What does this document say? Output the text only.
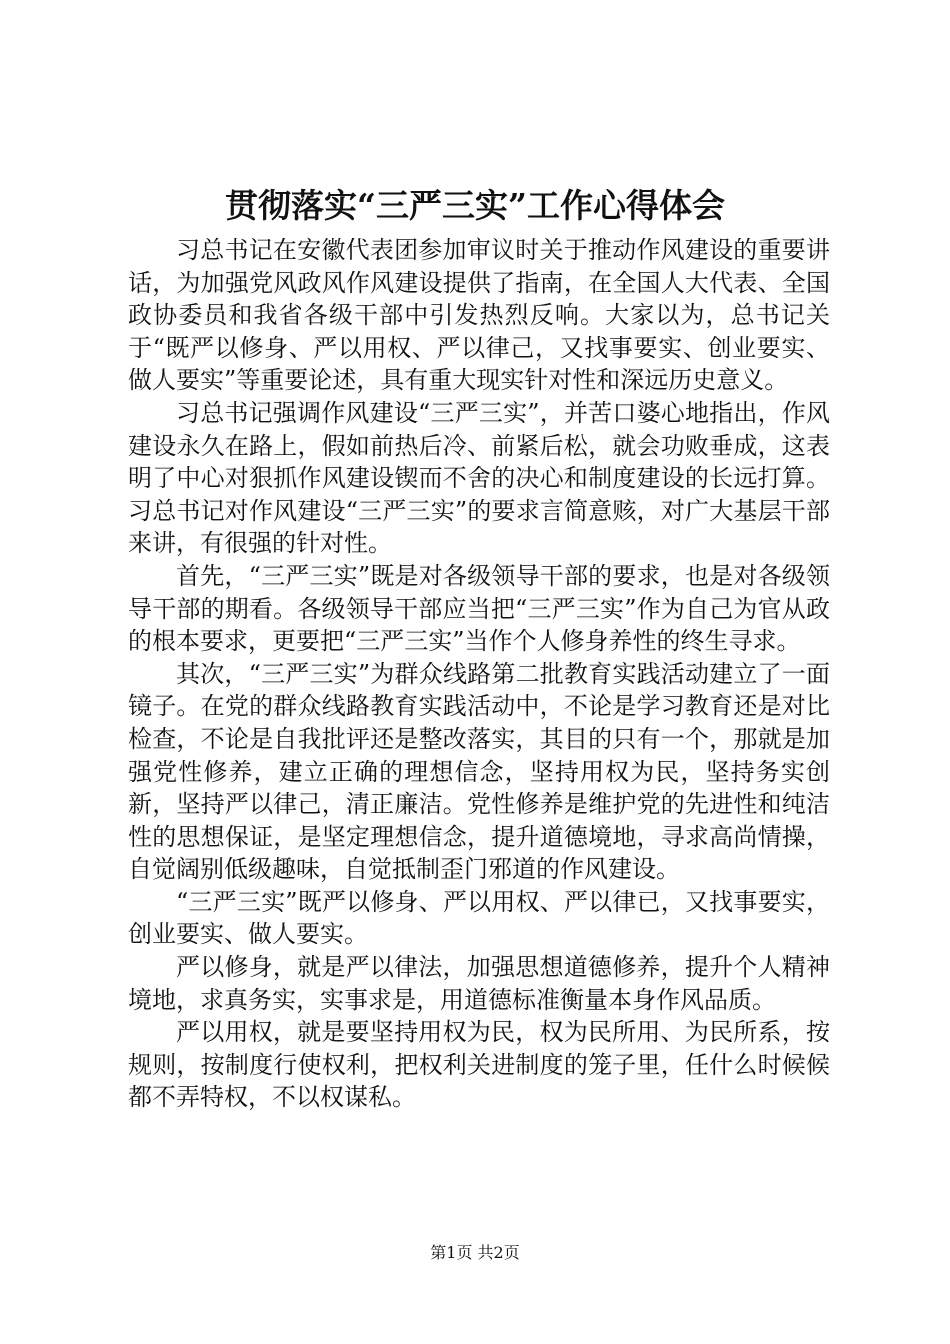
贯彻落实“三严三实”工作心得体会

习总书记在安徽代表团参加审议时关于推动作风建设的重要讲话，为加强党风政风作风建设提供了指南，在全国人大代表、全国政协委员和我省各级干部中引发热烈反响。大家以为，总书记关于“既严以修身、严以用权、严以律己，又找事要实、创业要实、做人要实”等重要论述，具有重大现实针对性和深远历史意义。

习总书记强调作风建设“三严三实”，并苦口婆心地指出，作风建设永久在路上，假如前热后冷、前紧后松，就会功败垂成，这表明了中心对狠抓作风建设锲而不舍的决心和制度建设的长远打算。习总书记对作风建设“三严三实”的要求言简意赅，对广大基层干部来讲，有很强的针对性。

首先，“三严三实”既是对各级领导干部的要求，也是对各级领导干部的期看。各级领导干部应当把“三严三实”作为自己为官从政的根本要求，更要把“三严三实”当作个人修身养性的终生寻求。

其次，“三严三实”为群众线路第二批教育实践活动建立了一面镜子。在党的群众线路教育实践活动中，不论是学习教育还是对比检查，不论是自我批评还是整改落实，其目的只有一个，那就是加强党性修养，建立正确的理想信念，坚持用权为民，坚持务实创新，坚持严以律己，清正廉洁。党性修养是维护党的先进性和纯洁性的思想保证，是坚定理想信念，提升道德境地，寻求高尚情操，自觉阔别低级趣味，自觉抵制歪门邪道的作风建设。

“三严三实”既严以修身、严以用权、严以律已，又找事要实，创业要实、做人要实。

严以修身，就是严以律法，加强思想道德修养，提升个人精神境地，求真务实，实事求是，用道德标准衡量本身作风品质。

严以用权，就是要坚持用权为民，权为民所用、为民所系，按规则，按制度行使权利，把权利关进制度的笼子里，任什么时候候都不弄特权，不以权谋私。

第1页 共2页
